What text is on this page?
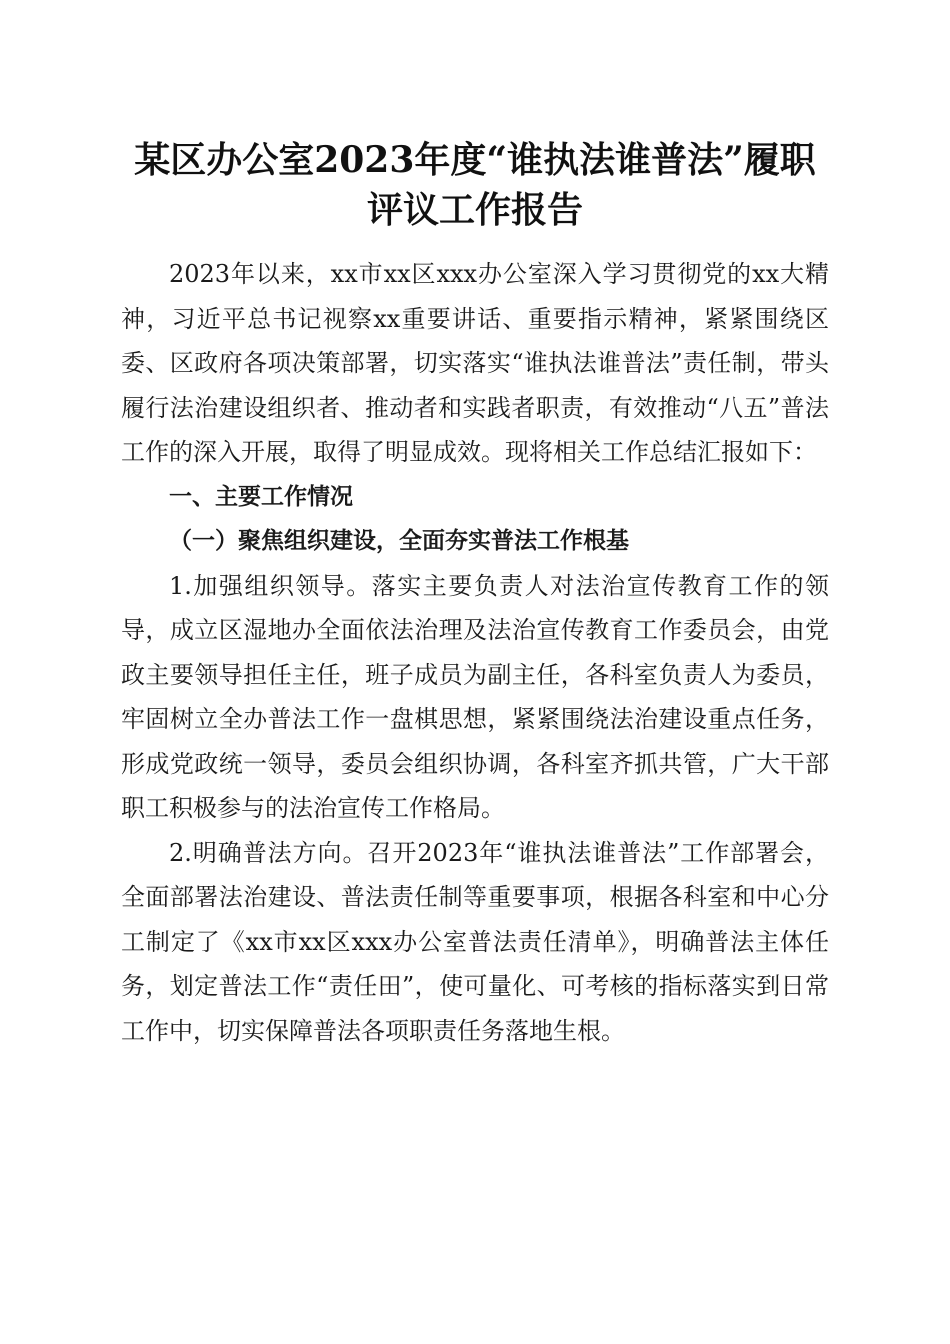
某区办公室2023年度“谁执法谁普法”履职
评议工作报告

2023年以来，xx市xx区xxx办公室深入学习贯彻党的xx大精神，习近平总书记视察xx重要讲话、重要指示精神，紧紧围绕区委、区政府各项决策部署，切实落实“谁执法谁普法”责任制，带头履行法治建设组织者、推动者和实践者职责，有效推动“八五”普法工作的深入开展，取得了明显成效。现将相关工作总结汇报如下：

一、主要工作情况

（一）聚焦组织建设，全面夯实普法工作根基

1.加强组织领导。落实主要负责人对法治宣传教育工作的领导，成立区湿地办全面依法治理及法治宣传教育工作委员会，由党政主要领导担任主任，班子成员为副主任，各科室负责人为委员，牢固树立全办普法工作一盘棋思想，紧紧围绕法治建设重点任务，形成党政统一领导，委员会组织协调，各科室齐抓共管，广大干部职工积极参与的法治宣传工作格局。

2.明确普法方向。召开2023年“谁执法谁普法”工作部署会，全面部署法治建设、普法责任制等重要事项，根据各科室和中心分工制定了《xx市xx区xxx办公室普法责任清单》，明确普法主体任务，划定普法工作“责任田”，使可量化、可考核的指标落实到日常工作中，切实保障普法各项职责任务落地生根。
